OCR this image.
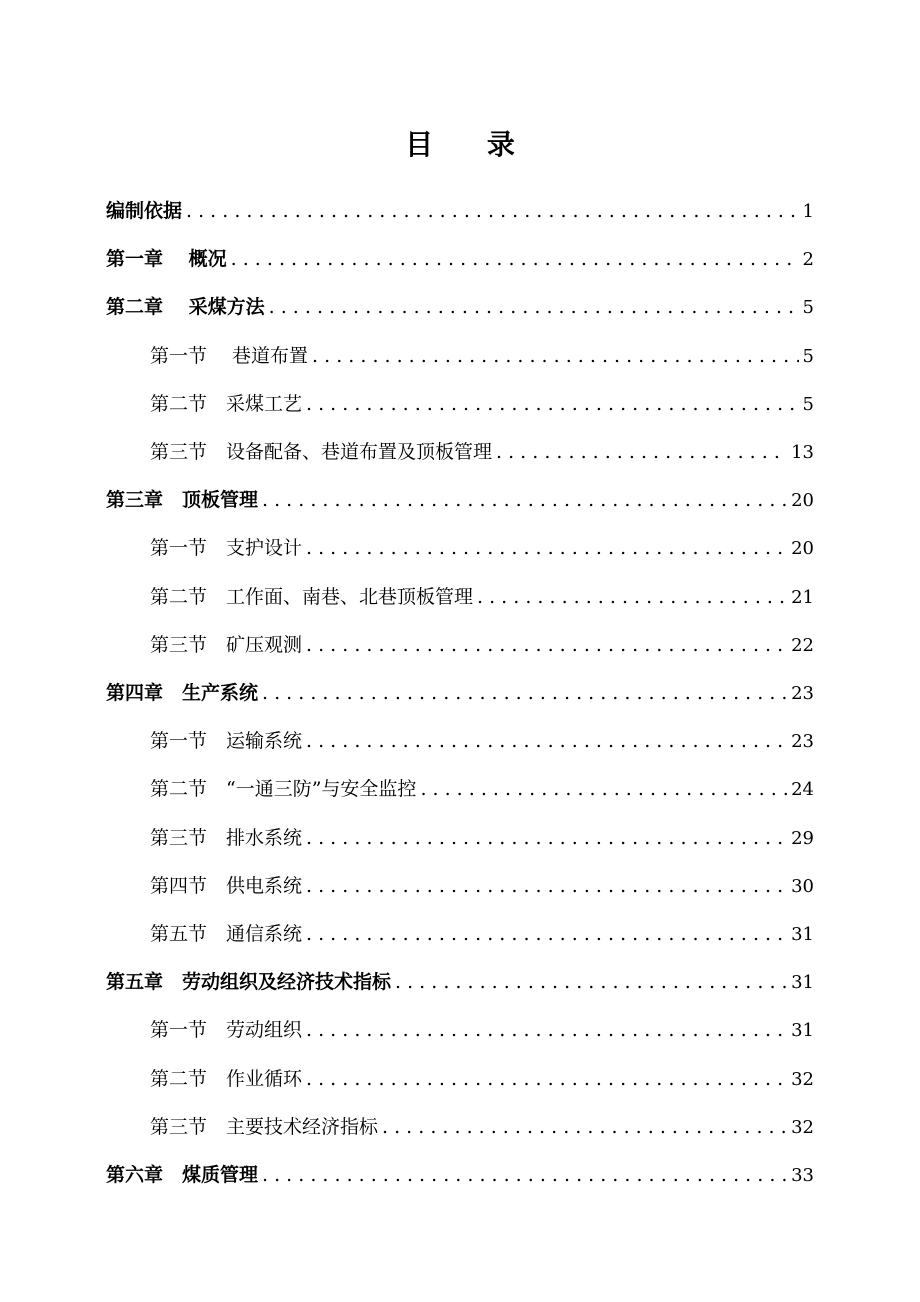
目 录
编制依据 . . .	1
第一章　 概况 . . .	2
第二章　 采煤方法 . . .	5
第一节　 巷道布置 . . .	5
第二节　采煤工艺 . . .	5
第三节　设备配备、巷道布置及顶板管理 . . .	13
第三章　顶板管理 . . .	20
第一节　支护设计 . . .	20
第二节　工作面、南巷、北巷顶板管理 . . .	21
第三节　矿压观测 . . .	22
第四章　生产系统 . . .	23
第一节　运输系统 . . .	23
第二节　“一通三防”与安全监控 . . .	24
第三节　排水系统 . . .	29
第四节　供电系统 . . .	30
第五节　通信系统 . . .	31
第五章　劳动组织及经济技术指标 . . .	31
第一节　劳动组织 . . .	31
第二节　作业循环 . . .	32
第三节　主要技术经济指标 . . .	32
第六章　煤质管理 . . .	33
